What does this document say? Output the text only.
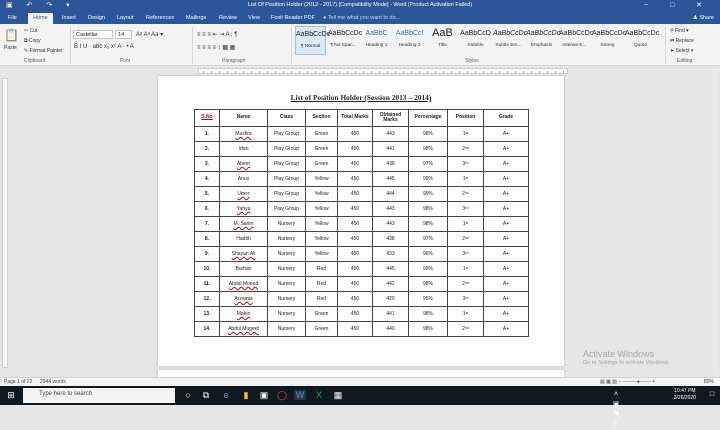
▣ ↶ ↷ ▾	List Of Position Holder (2012 - 2017) [Compatibility Mode] - Word (Product Activation Failed)	− □ ✕
File	Home	Insert Design Layout References Mailings Review View Foxit Reader PDF ● Tell me what you want to do...	♟ Share
📋
Paste
✂ Cut
⧉ Copy
✎ Format Painter
Clipboard
Castellar	14	Aᵃ Aᵃ Aa ▾
B I U · abc x₂ x² A · • A
Font
≡ ≡ ≡ ⇤ ⇥ A↓ ¶
≡ ≡ ≡ ≡ ↕ ▩ ▦
Paragraph
AaBbCcDc
¶ Normal
AaBbCcDc
¶ No Spac...
AaBbC
Heading 1
AaBbCcl
Heading 2
AaB
Title
AaBbCcD
Subtitle
AaBbCcDc
Subtle Em...
AaBbCcDc
Emphasis
AaBbCcDc
Intense E...
AaBbCcDc
Strong
AaBbCcDc
Quote
Styles
⚲ Find ▾
⇄ Replace
➤ Select ▾
Editing
List of Position Holder (Session 2013 – 2014)
S.No	Name	Class	Section	Total Marks	Obtained Marks	Percentage	Position	Grade
1.	Musfira	Play Group	Green	450	443	98%	1st	A+
2.	Irfan	Play Group	Green	450	441	98%	2nd	A+
3.	Abeer	Play Group	Green	450	438	97%	3rd	A+
4.	Anus	Play Group	Yellow	450	445	99%	1st	A+
5.	Umer	Play Group	Yellow	450	444	99%	2nd	A+
6.	Yahya	Play Group	Yellow	450	443	98%	3rd	A+
7.	M. Sarim	Nursery	Yellow	450	443	98%	1st	A+
8.	Hadith	Nursery	Yellow	450	438	97%	2nd	A+
9.	Shayan Ali	Nursery	Yellow	450	433	96%	3rd	A+
10.	Burhan	Nursery	Red	450	445	99%	1st	A+
11.	Abdul Moeed	Nursery	Red	450	442	98%	2nd	A+
12.	Arzamia	Nursery	Red	450	429	95%	3rd	A+
13.	Mahin	Nursery	Green	450	441	98%	1st	A+
14.	Abdul Mugeet	Nursery	Green	450	440	98%	2nd	A+
Activate Windows
Go to Settings to activate Windows.
Page 1 of 22 2944 words	▤ ▦ ▧ − ────●─── +	80%
⊞	Type here to search	○	⧉	e	▮	▣ ◯ W	X	▦	˄ ▣ ◥ ♬
10:47 PM
3/26/2020	□
